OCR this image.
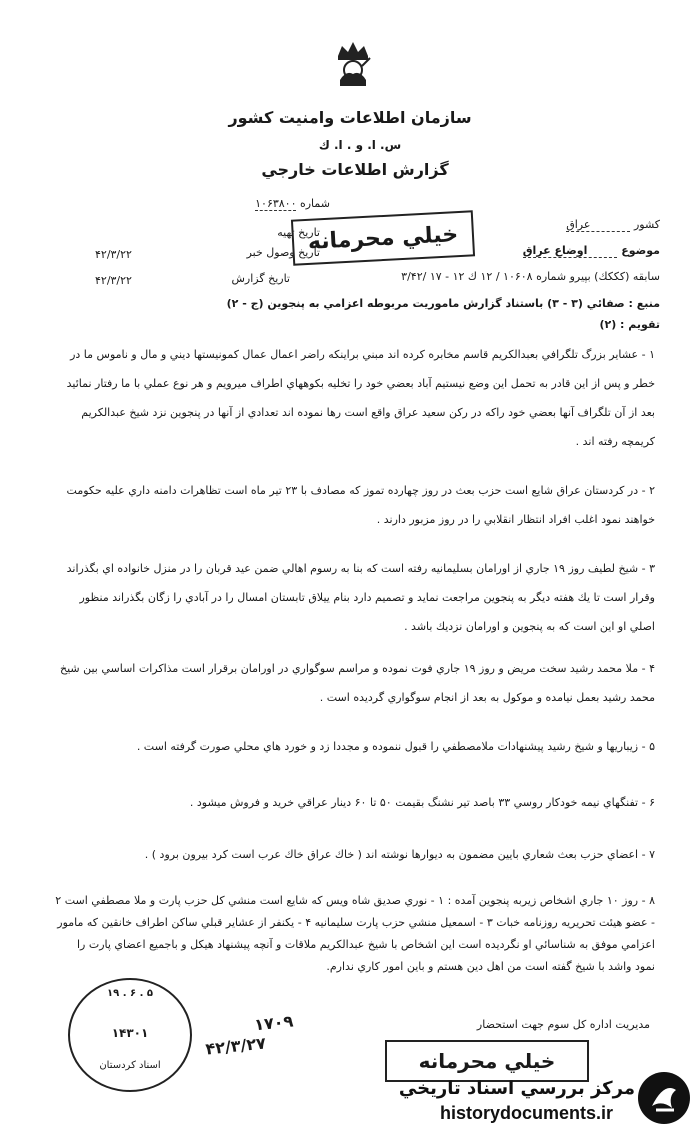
سازمان اطلاعات وامنيت كشور
س. ا. و . ا. ك
گزارش اطلاعات خارجي
شماره ۱۰۶۳۸۰۰
كشور عراق
تاريخ تهيه
موضوع اوضاع عراق
تاريخ وصول خبر
۴۲/۳/۲۲
سابقه (كككك) بپيرو شماره ۱۰۶۰۸ / ۱۲ ك ۱۲ - ۱۷ /۳/۴۲
تاريخ گزارش
۴۲/۳/۲۲
خيلي محرمانه
منبع : صفائي (۳ - ۳) باستناد گزارش ماموريت مربوطه اعزامي به پنجوين (ج - ۲)
تقويم : (۲)
۱ - عشاير بزرگ تلگرافي بعبدالكريم قاسم مخابره كرده اند مبني براينكه راضر اعمال عمال كمونيستها ديني و مال و ناموس ما در خطر و پس از اين قادر به تحمل اين وضع نيستيم آباد بعضي خود را تخليه بكوههاي اطراف ميرويم و هر نوع عملي با ما رفتار نمائيد بعد از آن تلگراف آنها بعضي خود راكه در ركن سعيد عراق واقع است رها نموده اند تعدادي از آنها در پنجوين نزد شيخ عبدالكريم كريمچه رفته اند .
۲ - در كردستان عراق شايع است حزب بعث در روز چهارده تموز كه مصادف با ۲۳ تير ماه است تظاهرات دامنه داري عليه حكومت خواهند نمود اغلب افراد انتظار انقلابي را در روز مزبور دارند .
۳ - شيخ لطيف روز ۱۹ جاري از اورامان بسليمانيه رفته است كه بنا به رسوم اهالي ضمن عيد قربان را در منزل خانواده اي بگذراند وقرار است تا يك هفته ديگر به پنجوين مراجعت نمايد و تصميم دارد بنام ييلاق تابستان امسال را در آبادي را زگان بگذراند منظور اصلي او اين است كه به پنجوين و اورامان نزديك باشد .
۴ - ملا محمد رشيد سخت مريض و روز ۱۹ جاري فوت نموده و مراسم سوگواري در اورامان برقرار است مذاكرات اساسي بين شيخ محمد رشيد بعمل نيامده و موكول به بعد از انجام سوگواري گرديده است .
۵ - زيباريها و شيخ رشيد پيشنهادات ملامصطفي را قبول ننموده و مجددا زد و خورد هاي محلي صورت گرفته است .
۶ - تفنگهاي نيمه خودكار روسي ۳۳ باصد تير نشنگ بقيمت ۵۰ تا ۶۰ دينار عراقي خريد و فروش ميشود .
۷ - اعضاي حزب بعث شعاري بايين مضمون به ديوارها نوشته اند ( خاك عراق خاك عرب است كرد بيرون برود ) .
۸ - روز ۱۰ جاري اشخاص زيربه پنجوين آمده : ۱ - نوري صديق شاه ويس كه شايع است منشي كل حزب پارت و ملا مصطفي است ۲ - عضو هيئت تحريريه روزنامه خبات ۳ - اسمعيل منشي حزب پارت سليمانيه ۴ - يكنفر از عشاير قبلي ساكن اطراف خانقين كه مامور اعزامي موفق به شناسائي او نگرديده است اين اشخاص با شيخ عبدالكريم ملاقات و آنچه پيشنهاد هيكل و باجميع اعضاي پارت را نمود واشد با شيخ گفته است من اهل دين هستم و باين امور كاري ندارم.
مديريت اداره كل سوم جهت استحضار
۱۹ . ۶ . ۵
۱۴۳۰۱
اسناد كردستان
۱۷۰۹
۴۲/۳/۲۷
خيلي محرمانه
مركز بررسي اسناد تاريخي
historydocuments.ir
